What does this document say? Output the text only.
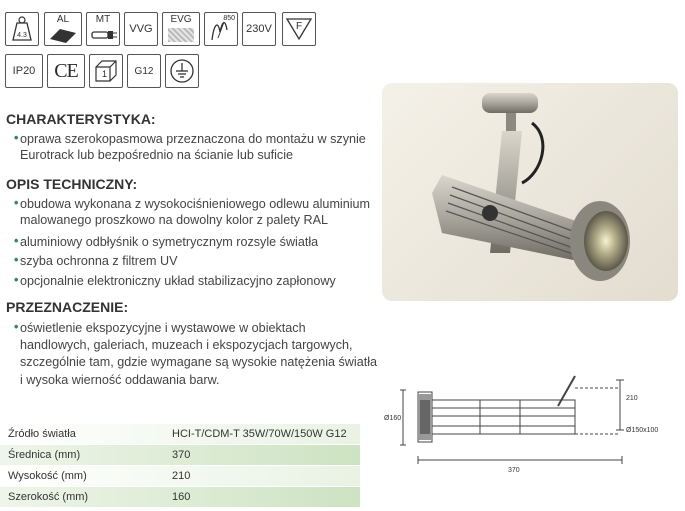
4.3
AL	MT
VVG
EVG	850
230V F
IP20 CE	1	G12
CHARAKTERYSTYKA:
• oprawa szerokopasmowa przeznaczona do montażu w szynie
Eurotrack lub bezpośrednio na ścianie lub suficie
OPIS TECHNICZNY:
• obudowa wykonana z wysokociśnieniowego odlewu aluminium
malowanego proszkowo na dowolny kolor z palety RAL
• aluminiowy odbłyśnik o symetrycznym rozsyle światła
• szyba ochronna z filtrem UV
• opcjonalnie elektroniczny układ stabilizacyjno zapłonowy
PRZEZNACZENIE:
• oświetlenie ekspozycyjne i wystawowe w obiektach
handlowych, galeriach, muzeach i ekspozycjach targowych,
szczególnie tam, gdzie wymagane są wysokie natężenia światła
i wysoka wierność oddawania barw.
Ø160
210
Ø150x100
370
Źródło światła	HCI-T/CDM-T 35W/70W/150W G12
Średnica (mm)	370
Wysokość (mm)	210
Szerokość (mm)	160
